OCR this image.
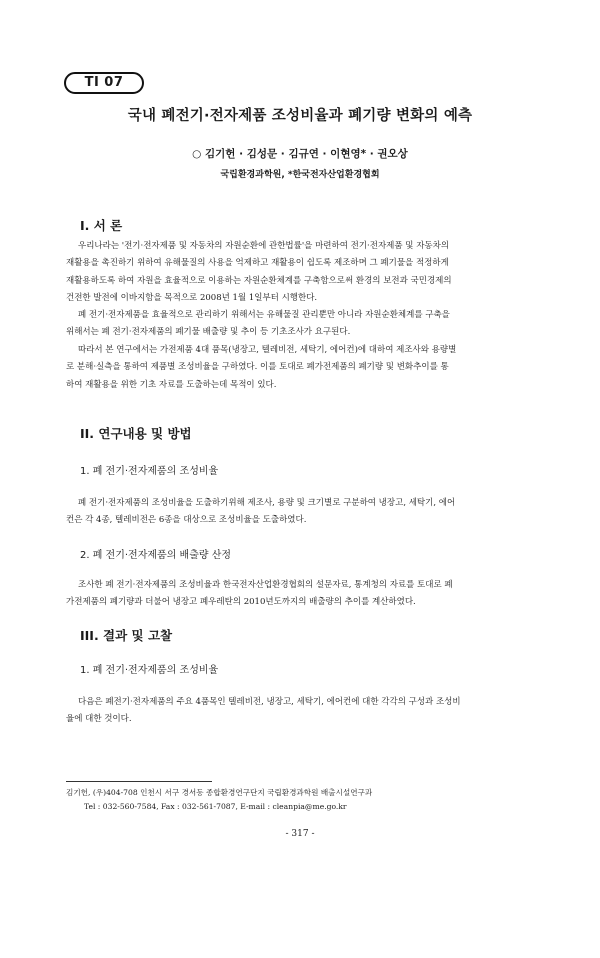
TI 07
국내 폐전기·전자제품 조성비율과 폐기량 변화의 예측
○ 김기헌 · 김성문 · 김규연 · 이현영* · 권오상
국립환경과학원, *한국전자산업환경협회
I. 서 론
우리나라는 '전기·전자제품 및 자동차의 자원순환에 관한법률'을 마련하여 전기·전자제품 및 자동차의
재활용을 촉진하기 위하여 유해물질의 사용을 억제하고 재활용이 쉽도록 제조하며 그 폐기물을 적정하게
재활용하도록 하여 자원을 효율적으로 이용하는 자원순환체계를 구축함으로써 환경의 보전과 국민경제의
건전한 발전에 이바지함을 목적으로 2008년 1월 1일부터 시행한다.
폐 전기·전자제품을 효율적으로 관리하기 위해서는 유해물질 관리뿐만 아니라 자원순환체계를 구축을
위해서는 폐 전기·전자제품의 폐기물 배출량 및 추이 등 기초조사가 요구된다.
따라서 본 연구에서는 가전제품 4대 품목(냉장고, 텔레비전, 세탁기, 에어컨)에 대하여 제조사와 용량별
로 분해·실측을 통하여 제품별 조성비율을 구하였다. 이를 토대로 폐가전제품의 폐기량 및 변화추이를 통
하여 재활용을 위한 기초 자료를 도출하는데 목적이 있다.
II. 연구내용 및 방법
1. 폐 전기·전자제품의 조성비율
폐 전기·전자제품의 조성비율을 도출하기위해 제조사, 용량 및 크기별로 구분하여 냉장고, 세탁기, 에어
컨은 각 4종, 텔레비전은 6종을 대상으로 조성비율을 도출하였다.
2. 폐 전기·전자제품의 배출량 산정
조사한 폐 전기·전자제품의 조성비율과 한국전자산업환경협회의 설문자료, 통계청의 자료를 토대로 폐
가전제품의 폐기량과 더불어 냉장고 폐우레탄의 2010년도까지의 배출량의 추이를 계산하였다.
III. 결과 및 고찰
1. 폐 전기·전자제품의 조성비율
다음은 폐전기·전자제품의 주요 4품목인 텔레비전, 냉장고, 세탁기, 에어컨에 대한 각각의 구성과 조성비
율에 대한 것이다.
김기헌, (우)404-708 인천시 서구 경서동 종합환경연구단지 국립환경과학원 배출시설연구과
Tel : 032-560-7584, Fax : 032-561-7087, E-mail : cleanpia@me.go.kr
- 317 -
